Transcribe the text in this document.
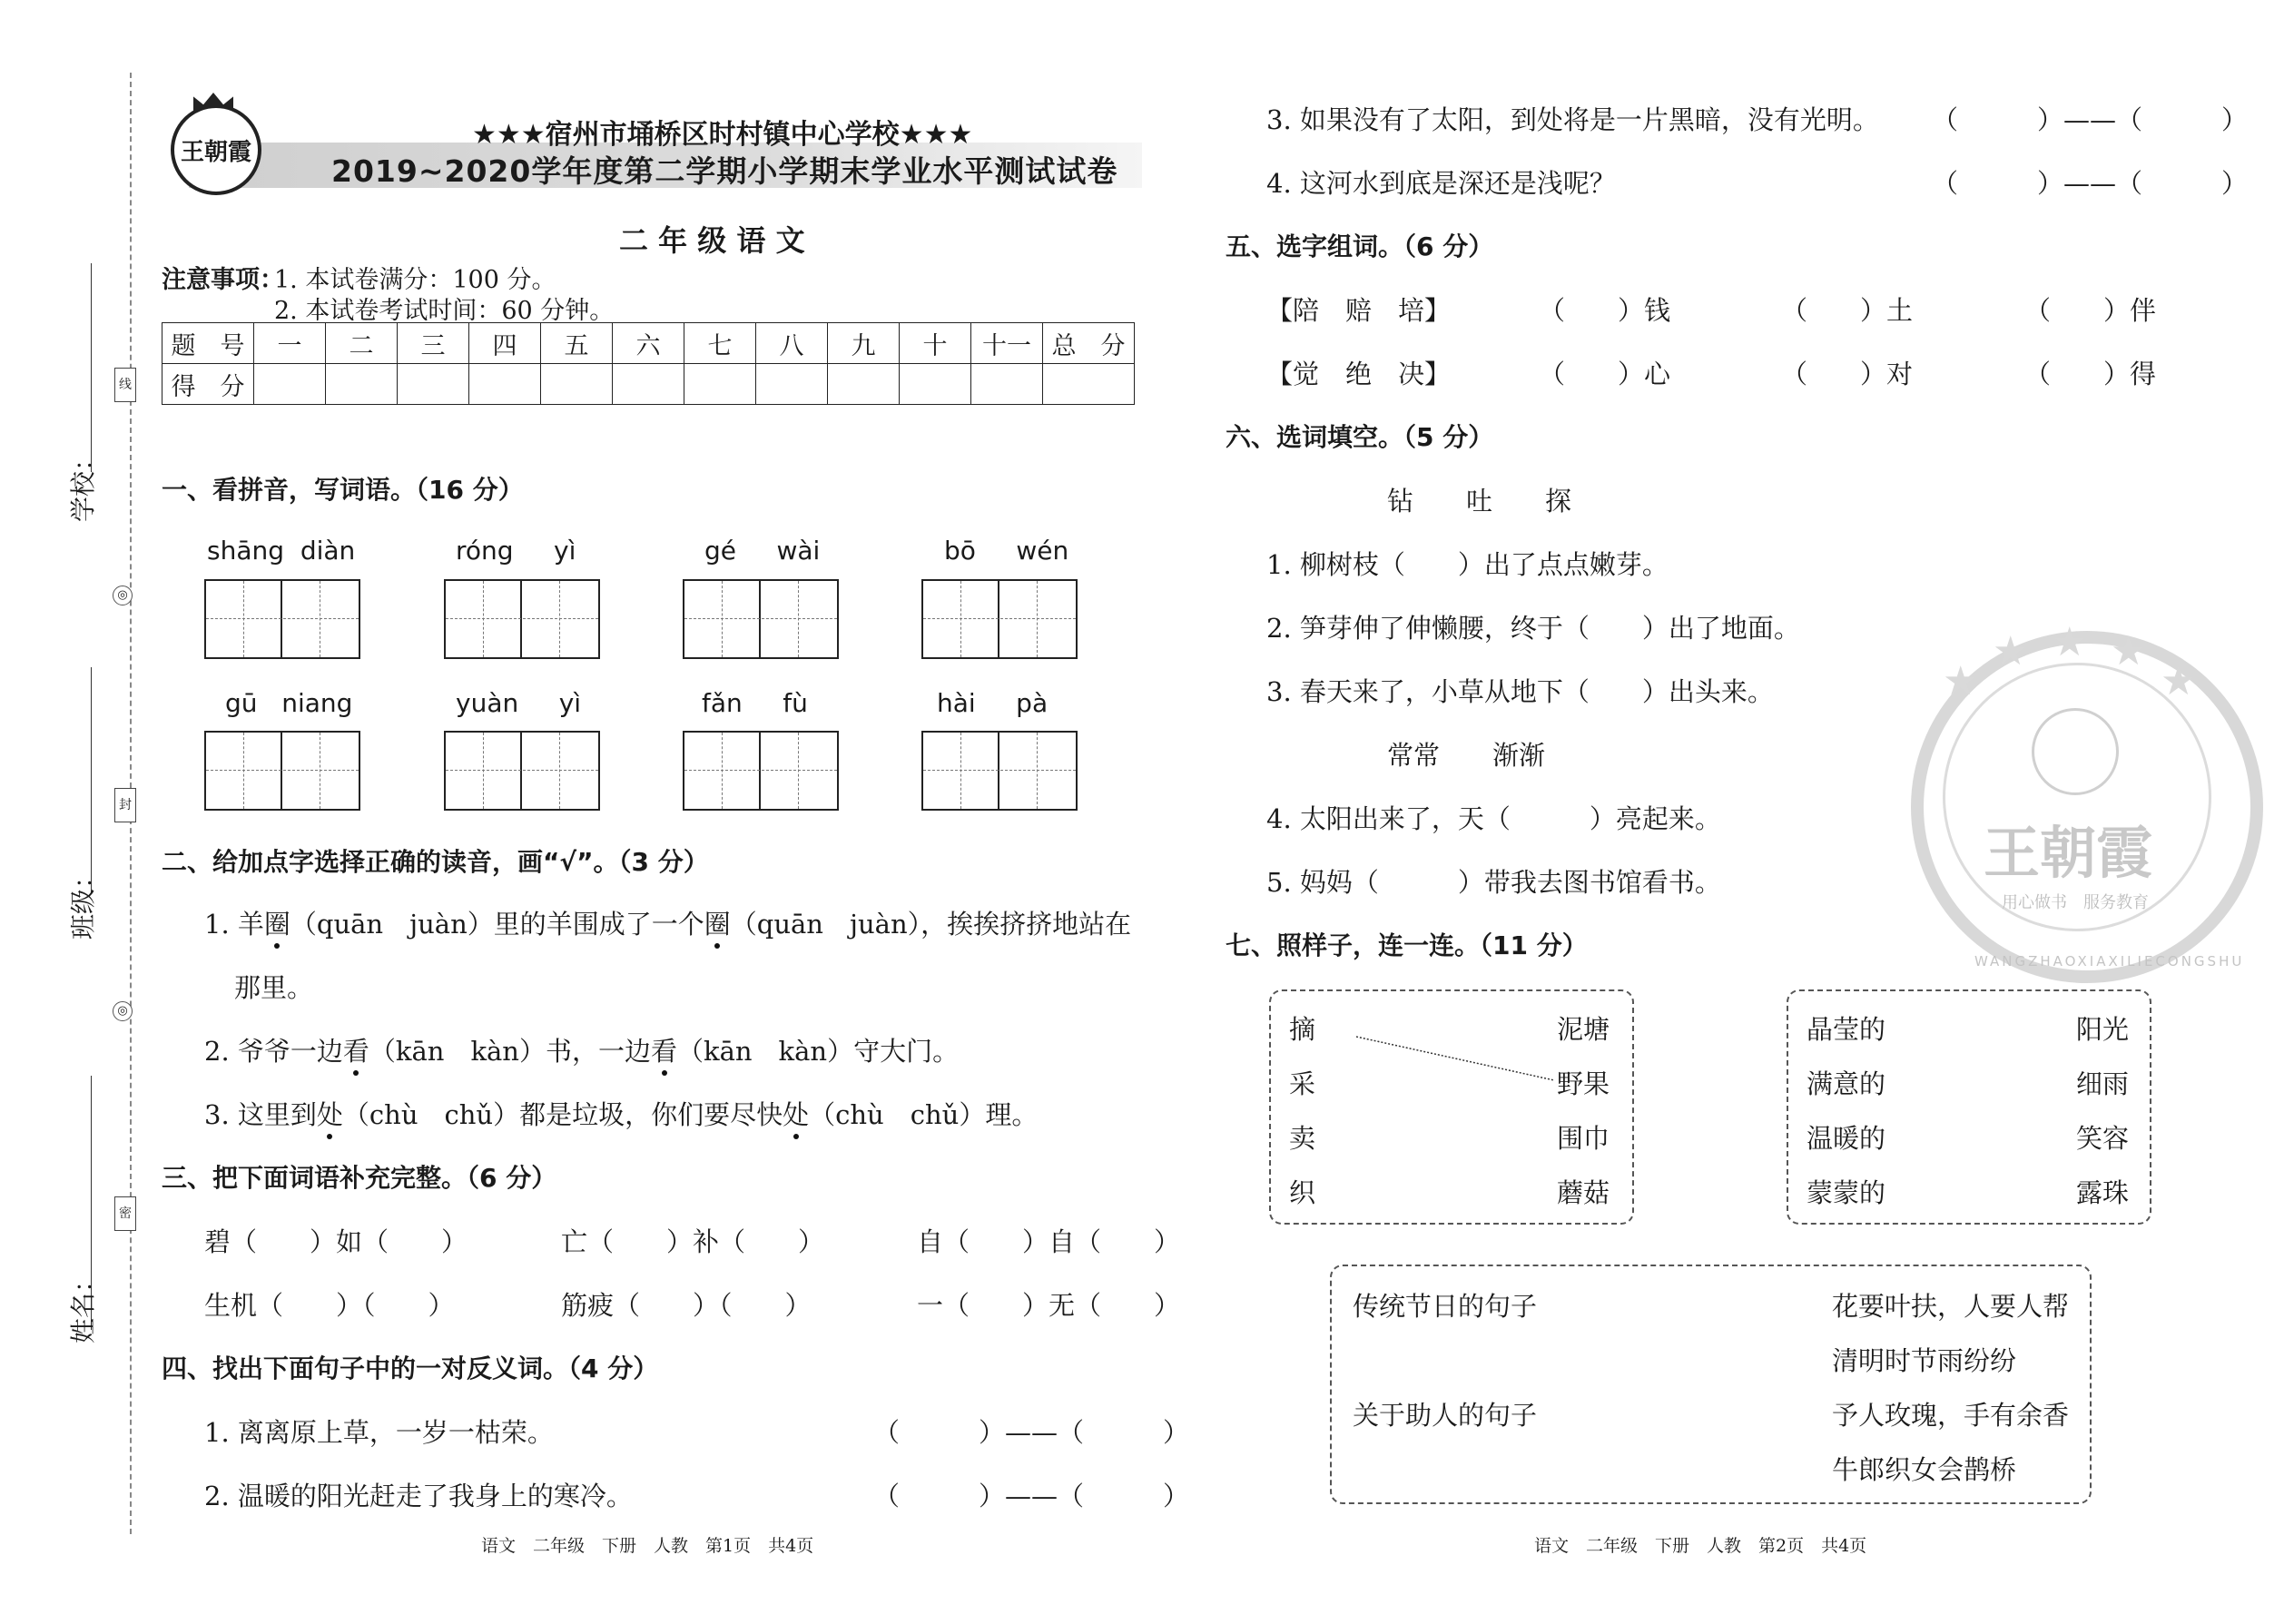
线
封
密
◎
◎
学校：
班级：
姓名：
王朝霞
★★★宿州市埇桥区时村镇中心学校★★★
2019~2020学年度第二学期小学期末学业水平测试试卷
二 年 级 语 文
注意事项：
1. 本试卷满分：100 分。
2. 本试卷考试时间：60 分钟。
题　号	一	二	三	四	五	六	七	八	九	十	十一	总　分
得　分												
一、看拼音，写词语。（16 分）
shāng  diàn	róng     yì	gé     wài	bō     wén
gū   niang	yuàn     yì	fǎn     fù	hài     pà
二、给加点字选择正确的读音，画“√”。（3 分）
1. 羊圈（quān　juàn）里的羊围成了一个圈（quān　juàn），挨挨挤挤地站在
那里。
2. 爷爷一边看（kān　kàn）书，一边看（kān　kàn）守大门。
3. 这里到处（chù　chǔ）都是垃圾，你们要尽快处（chù　chǔ）理。
三、把下面词语补充完整。（6 分）
碧（　　）如（　　）	亡（　　）补（　　）	自（　　）自（　　）
生机（　　）（　　）	筋疲（　　）（　　）	一（　　）无（　　）
四、找出下面句子中的一对反义词。（4 分）
1. 离离原上草，一岁一枯荣。	（　　　）——（　　　）
2. 温暖的阳光赶走了我身上的寒冷。	（　　　）——（　　　）
3. 如果没有了太阳，到处将是一片黑暗，没有光明。 （　　　）——（　　　）
4. 这河水到底是深还是浅呢？	（　　　）——（　　　）
五、选字组词。（6 分）
【陪　赔　培】	（　　）钱	（　　）土	（　　）伴
【觉　绝　决】	（　　）心	（　　）对	（　　）得
六、选词填空。（5 分）
钻　　吐　　探
1. 柳树枝（　　）出了点点嫩芽。
2. 笋芽伸了伸懒腰，终于（　　）出了地面。
3. 春天来了，小草从地下（　　）出头来。
常常　　渐渐
4. 太阳出来了，天（　　　）亮起来。
5. 妈妈（　　　）带我去图书馆看书。
★
★ ★ ★
★
王朝霞
用心做书　服务教育
WANGZHAOXIAXILIECONGSHU
七、照样子，连一连。（11 分）
摘
采
卖
织
泥塘
野果
围巾
蘑菇
晶莹的
满意的
温暖的
蒙蒙的
阳光
细雨
笑容
露珠
传统节日的句子
关于助人的句子
花要叶扶，人要人帮
清明时节雨纷纷
予人玫瑰，手有余香
牛郎织女会鹊桥
语文　二年级　下册　人教　第1页　共4页	语文　二年级　下册　人教　第2页　共4页
